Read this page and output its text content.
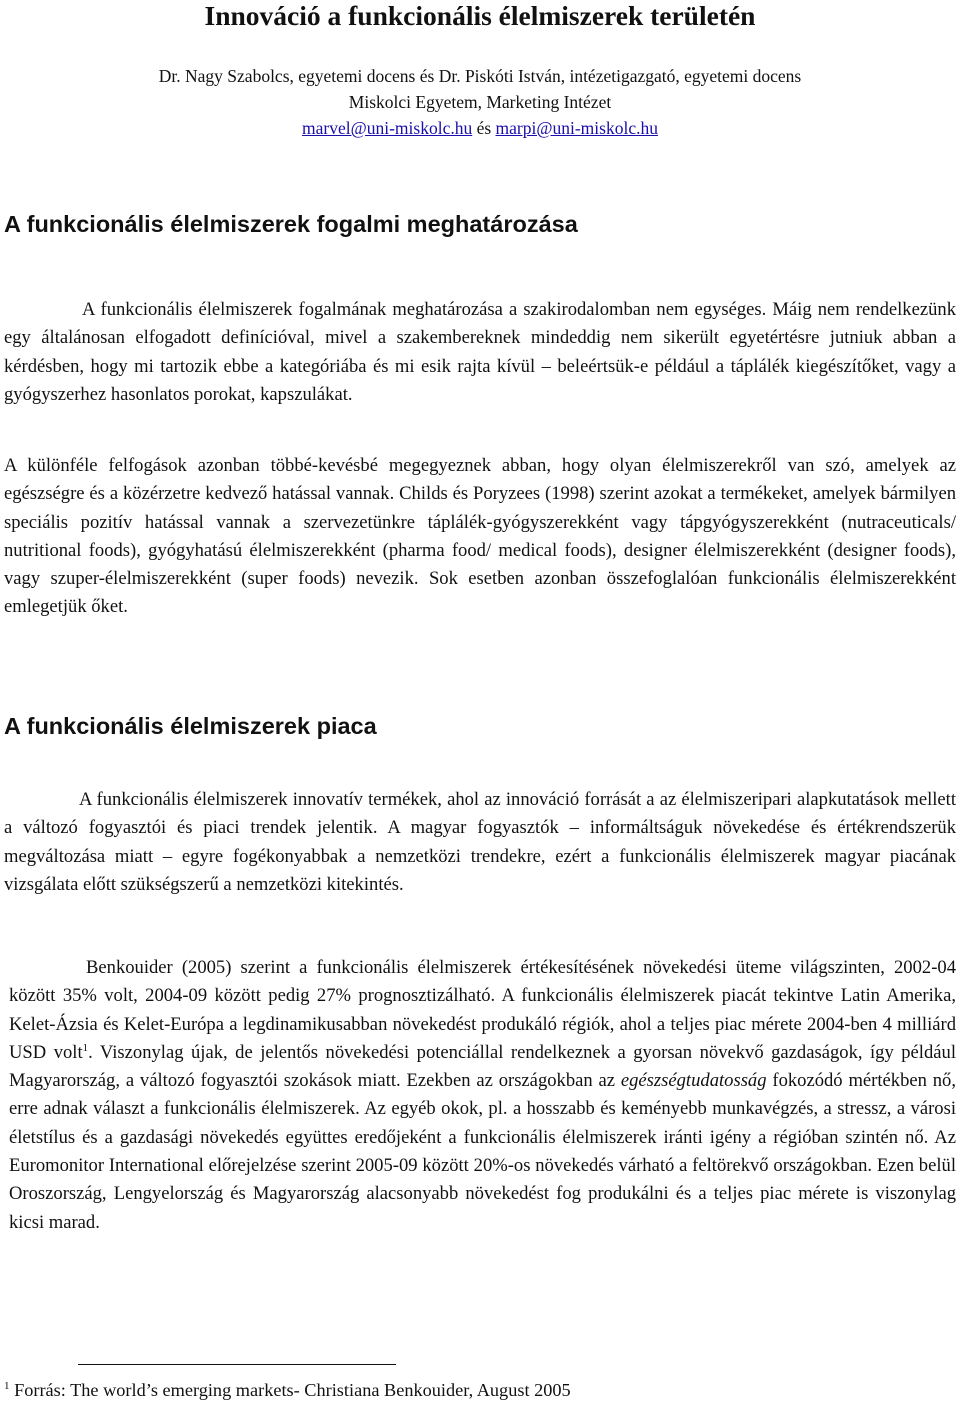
Innováció a funkcionális élelmiszerek területén

Dr. Nagy Szabolcs, egyetemi docens és Dr. Piskóti István, intézetigazgató, egyetemi docens

Miskolci Egyetem, Marketing Intézet

marvel@uni-miskolc.hu és marpi@uni-miskolc.hu

A funkcionális élelmiszerek fogalmi meghatározása

A funkcionális élelmiszerek fogalmának meghatározása a szakirodalomban nem egységes. Máig nem rendelkezünk egy általánosan elfogadott definícióval, mivel a szakembereknek mindeddig nem sikerült egyetértésre jutniuk abban a kérdésben, hogy mi tartozik ebbe a kategóriába és mi esik rajta kívül – beleértsük-e például a táplálék kiegészítőket, vagy a gyógyszerhez hasonlatos porokat, kapszulákat.

A különféle felfogások azonban többé-kevésbé megegyeznek abban, hogy olyan élelmiszerekről van szó, amelyek az egészségre és a közérzetre kedvező hatással vannak. Childs és Poryzees (1998) szerint azokat a termékeket, amelyek bármilyen speciális pozitív hatással vannak a szervezetünkre táplálék-gyógyszerekként vagy tápgyógyszerekként (nutraceuticals/ nutritional foods), gyógyhatású élelmiszerekként (pharma food/ medical foods), designer élelmiszerekként (designer foods), vagy szuper-élelmiszerekként (super foods) nevezik. Sok esetben azonban összefoglalóan funkcionális élelmiszerekként emlegetjük őket.

A funkcionális élelmiszerek piaca

A funkcionális élelmiszerek innovatív termékek, ahol az innováció forrását a az élelmiszeripari alapkutatások mellett a változó fogyasztói és piaci trendek jelentik. A magyar fogyasztók – informáltságuk növekedése és értékrendszerük megváltozása miatt – egyre fogékonyabbak a nemzetközi trendekre, ezért a funkcionális élelmiszerek magyar piacának vizsgálata előtt szükségszerű a nemzetközi kitekintés.

Benkouider (2005) szerint a funkcionális élelmiszerek értékesítésének növekedési üteme világszinten, 2002-04 között 35% volt, 2004-09 között pedig 27% prognosztizálható. A funkcionális élelmiszerek piacát tekintve Latin Amerika, Kelet-Ázsia és Kelet-Európa a legdinamikusabban növekedést produkáló régiók, ahol a teljes piac mérete 2004-ben 4 milliárd USD volt$^1$. Viszonylag újak, de jelentős növekedési potenciállal rendelkeznek a gyorsan növekvő gazdaságok, így például Magyarország, a változó fogyasztói szokások miatt. Ezekben az országokban az egészségtudatosság fokozódó mértékben nő, erre adnak választ a funkcionális élelmiszerek. Az egyéb okok, pl. a hosszabb és keményebb munkavégzés, a stressz, a városi életstílus és a gazdasági növekedés együttes eredőjeként a funkcionális élelmiszerek iránti igény a régióban szintén nő. Az Euromonitor International előrejelzése szerint 2005-09 között 20%-os növekedés várható a feltörekvő országokban. Ezen belül Oroszország, Lengyelország és Magyarország alacsonyabb növekedést fog produkálni és a teljes piac mérete is viszonylag kicsi marad.

$^1$ Forrás: The world’s emerging markets- Christiana Benkouider, August 2005
